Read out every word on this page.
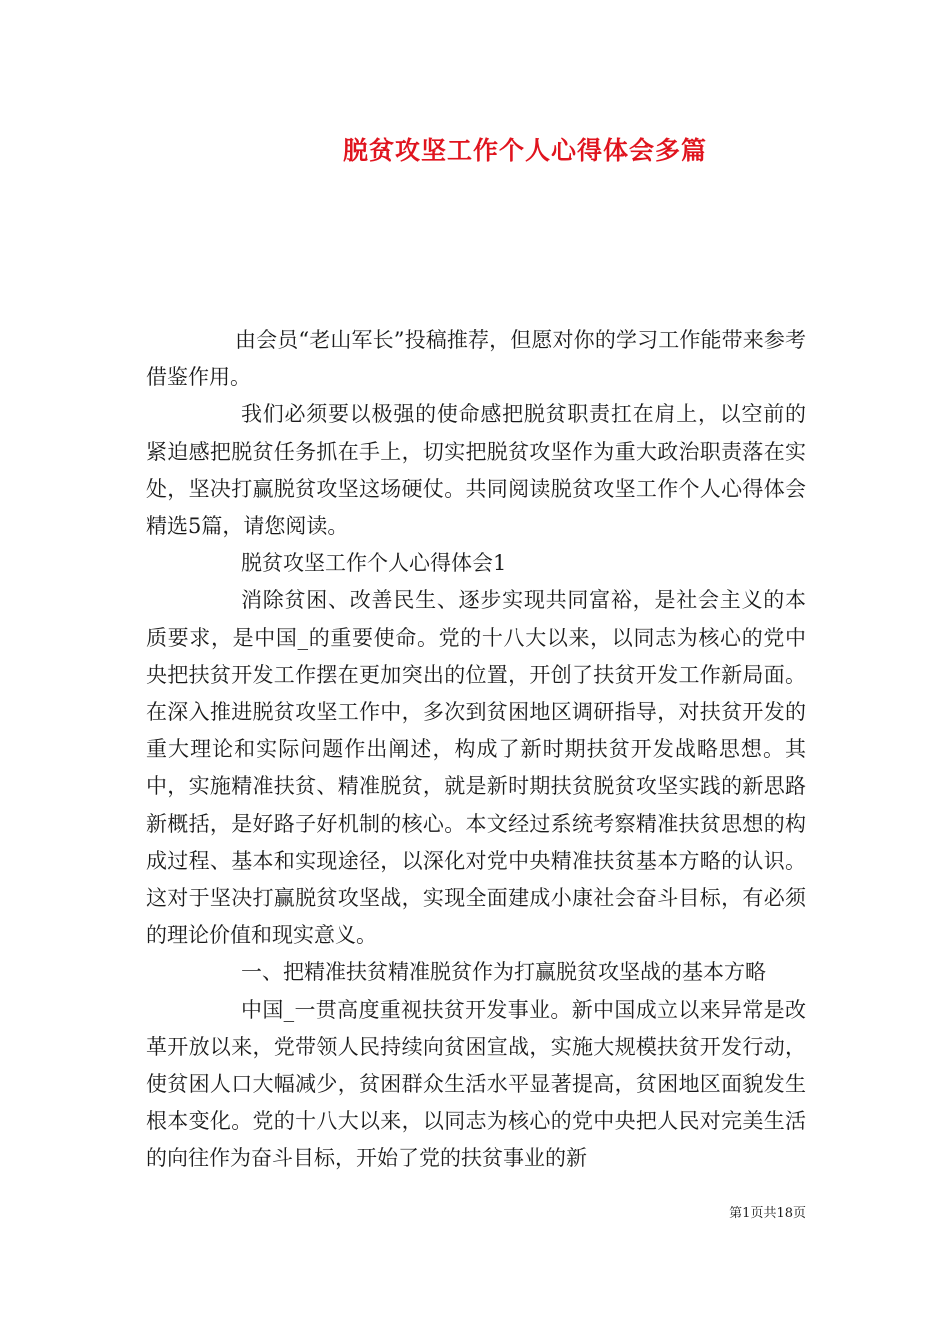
脱贫攻坚工作个人心得体会多篇

由会员“老山军长”投稿推荐，但愿对你的学习工作能带来参考借鉴作用。

我们必须要以极强的使命感把脱贫职责扛在肩上，以空前的紧迫感把脱贫任务抓在手上，切实把脱贫攻坚作为重大政治职责落在实处，坚决打赢脱贫攻坚这场硬仗。共同阅读脱贫攻坚工作个人心得体会精选5篇，请您阅读。

脱贫攻坚工作个人心得体会1

消除贫困、改善民生、逐步实现共同富裕，是社会主义的本质要求，是中国_的重要使命。党的十八大以来，以同志为核心的党中央把扶贫开发工作摆在更加突出的位置，开创了扶贫开发工作新局面。在深入推进脱贫攻坚工作中，多次到贫困地区调研指导，对扶贫开发的重大理论和实际问题作出阐述，构成了新时期扶贫开发战略思想。其中，实施精准扶贫、精准脱贫，就是新时期扶贫脱贫攻坚实践的新思路新概括，是好路子好机制的核心。本文经过系统考察精准扶贫思想的构成过程、基本和实现途径，以深化对党中央精准扶贫基本方略的认识。这对于坚决打赢脱贫攻坚战，实现全面建成小康社会奋斗目标，有必须的理论价值和现实意义。

一、把精准扶贫精准脱贫作为打赢脱贫攻坚战的基本方略

中国_一贯高度重视扶贫开发事业。新中国成立以来异常是改革开放以来，党带领人民持续向贫困宣战，实施大规模扶贫开发行动，使贫困人口大幅减少，贫困群众生活水平显著提高，贫困地区面貌发生根本变化。党的十八大以来，以同志为核心的党中央把人民对完美生活的向往作为奋斗目标，开始了党的扶贫事业的新

第1页共18页
